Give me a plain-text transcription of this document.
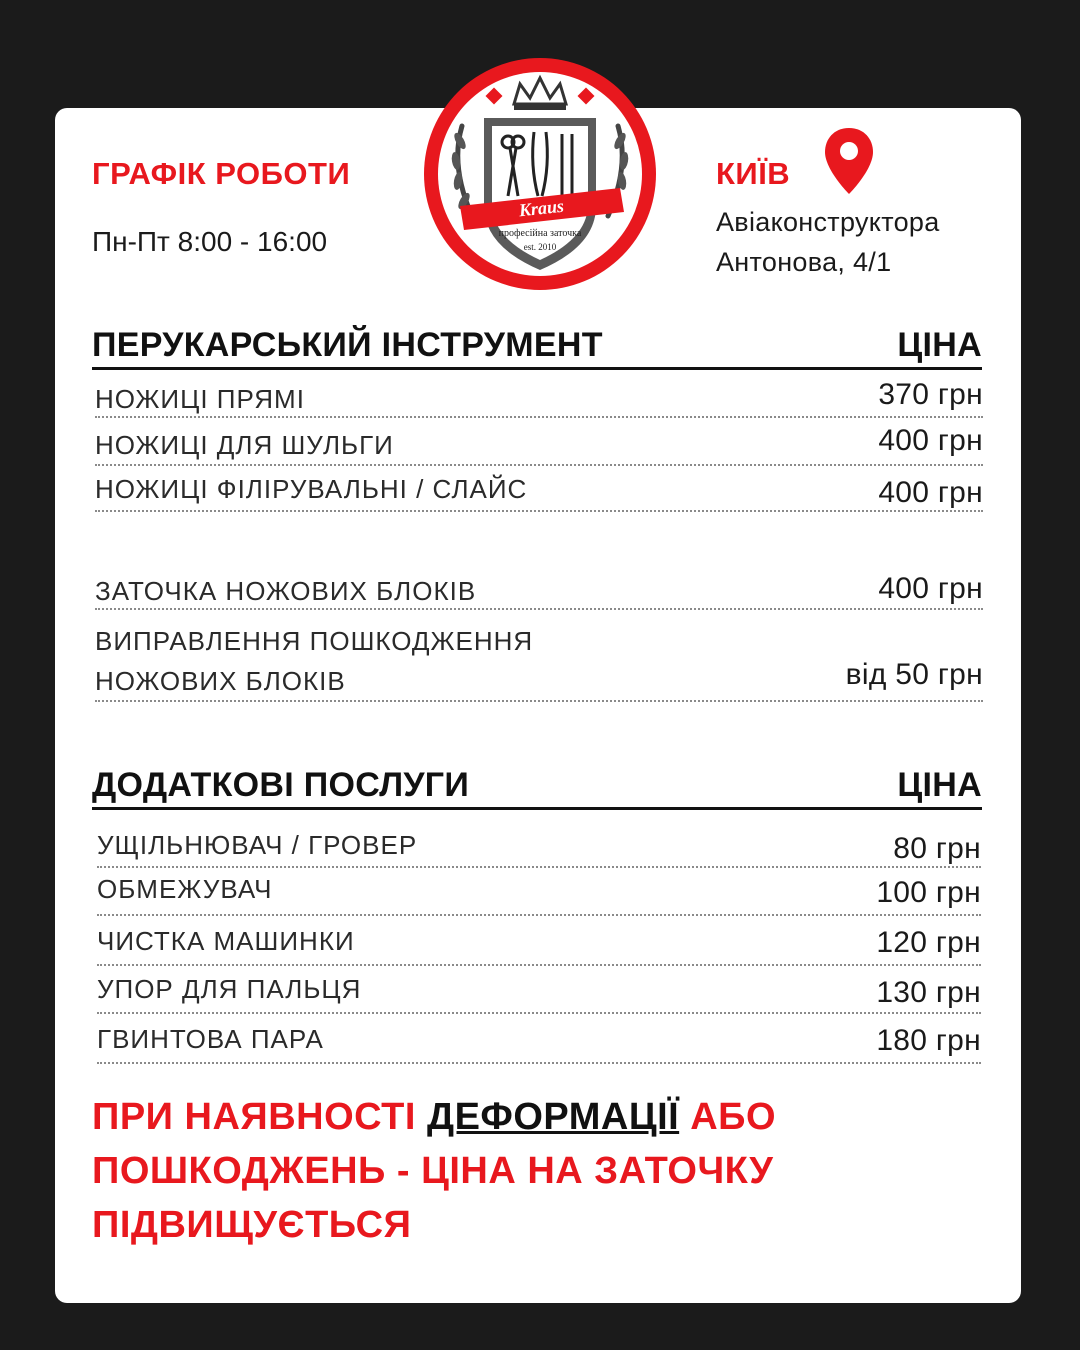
Kraus
професійна заточка
est. 2010
ГРАФІК РОБОТИ
Пн-Пт 8:00 - 16:00
КИЇВ
Авіаконструктора
Антонова, 4/1
ПЕРУКАРСЬКИЙ ІНСТРУМЕНТ	ЦІНА
НОЖИЦІ ПРЯМІ	370 грн
НОЖИЦІ ДЛЯ ШУЛЬГИ	400 грн
НОЖИЦІ ФІЛІРУВАЛЬНІ / СЛАЙС	400 грн
ЗАТОЧКА НОЖОВИХ БЛОКІВ	400 грн
ВИПРАВЛЕННЯ ПОШКОДЖЕННЯ
НОЖОВИХ БЛОКІВ	від 50 грн
ДОДАТКОВІ ПОСЛУГИ	ЦІНА
УЩІЛЬНЮВАЧ / ГРОВЕР	80 грн
ОБМЕЖУВАЧ	100 грн
ЧИСТКА МАШИНКИ	120 грн
УПОР ДЛЯ ПАЛЬЦЯ	130 грн
ГВИНТОВА ПАРА	180 грн
ПРИ НАЯВНОСТІ ДЕФОРМАЦІЇ АБО ПОШКОДЖЕНЬ - ЦІНА НА ЗАТОЧКУ ПІДВИЩУЄТЬСЯ
